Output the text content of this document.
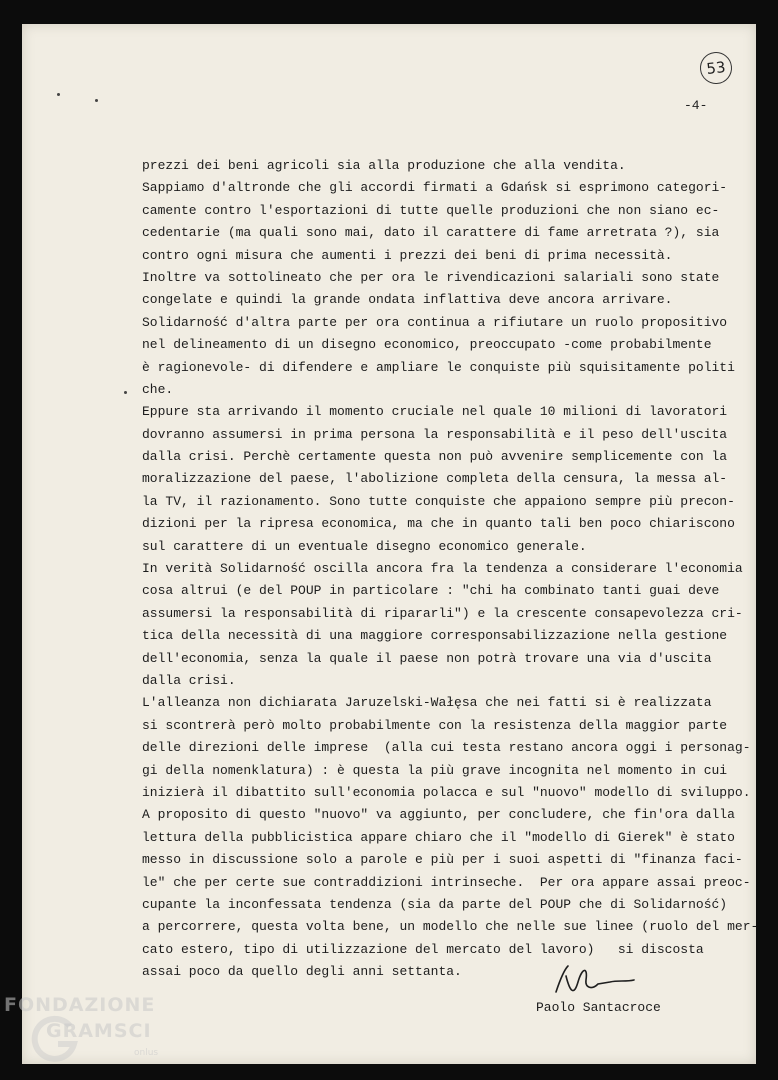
53
-4-
prezzi dei beni agricoli sia alla produzione che alla vendita.
Sappiamo d'altronde che gli accordi firmati a Gdańsk si esprimono categori-
camente contro l'esportazioni di tutte quelle produzioni che non siano ec-
cedentarie (ma quali sono mai, dato il carattere di fame arretrata ?), sia
contro ogni misura che aumenti i prezzi dei beni di prima necessità.
Inoltre va sottolineato che per ora le rivendicazioni salariali sono state
congelate e quindi la grande ondata inflattiva deve ancora arrivare.
Solidarność d'altra parte per ora continua a rifiutare un ruolo propositivo
nel delineamento di un disegno economico, preoccupato -come probabilmente
è ragionevole- di difendere e ampliare le conquiste più squisitamente politi
che.
Eppure sta arrivando il momento cruciale nel quale 10 milioni di lavoratori
dovranno assumersi in prima persona la responsabilità e il peso dell'uscita
dalla crisi. Perchè certamente questa non può avvenire semplicemente con la
moralizzazione del paese, l'abolizione completa della censura, la messa al-
la TV, il razionamento. Sono tutte conquiste che appaiono sempre più precon-
dizioni per la ripresa economica, ma che in quanto tali ben poco chiariscono
sul carattere di un eventuale disegno economico generale.
In verità Solidarność oscilla ancora fra la tendenza a considerare l'economia
cosa altrui (e del POUP in particolare : "chi ha combinato tanti guai deve
assumersi la responsabilità di ripararli") e la crescente consapevolezza cri-
tica della necessità di una maggiore corresponsabilizzazione nella gestione
dell'economia, senza la quale il paese non potrà trovare una via d'uscita
dalla crisi.
L'alleanza non dichiarata Jaruzelski-Wałęsa che nei fatti si è realizzata
si scontrerà però molto probabilmente con la resistenza della maggior parte
delle direzioni delle imprese  (alla cui testa restano ancora oggi i personag-
gi della nomenklatura) : è questa la più grave incognita nel momento in cui
inizierà il dibattito sull'economia polacca e sul "nuovo" modello di sviluppo.
A proposito di questo "nuovo" va aggiunto, per concludere, che fin'ora dalla
lettura della pubblicistica appare chiaro che il "modello di Gierek" è stato
messo in discussione solo a parole e più per i suoi aspetti di "finanza faci-
le" che per certe sue contraddizioni intrinseche.  Per ora appare assai preoc-
cupante la inconfessata tendenza (sia da parte del POUP che di Solidarność)
a percorrere, questa volta bene, un modello che nelle sue linee (ruolo del mer-
cato estero, tipo di utilizzazione del mercato del lavoro)   si discosta
assai poco da quello degli anni settanta.
Paolo Santacroce
FONDAZIONE
GRAMSCI
onlus
